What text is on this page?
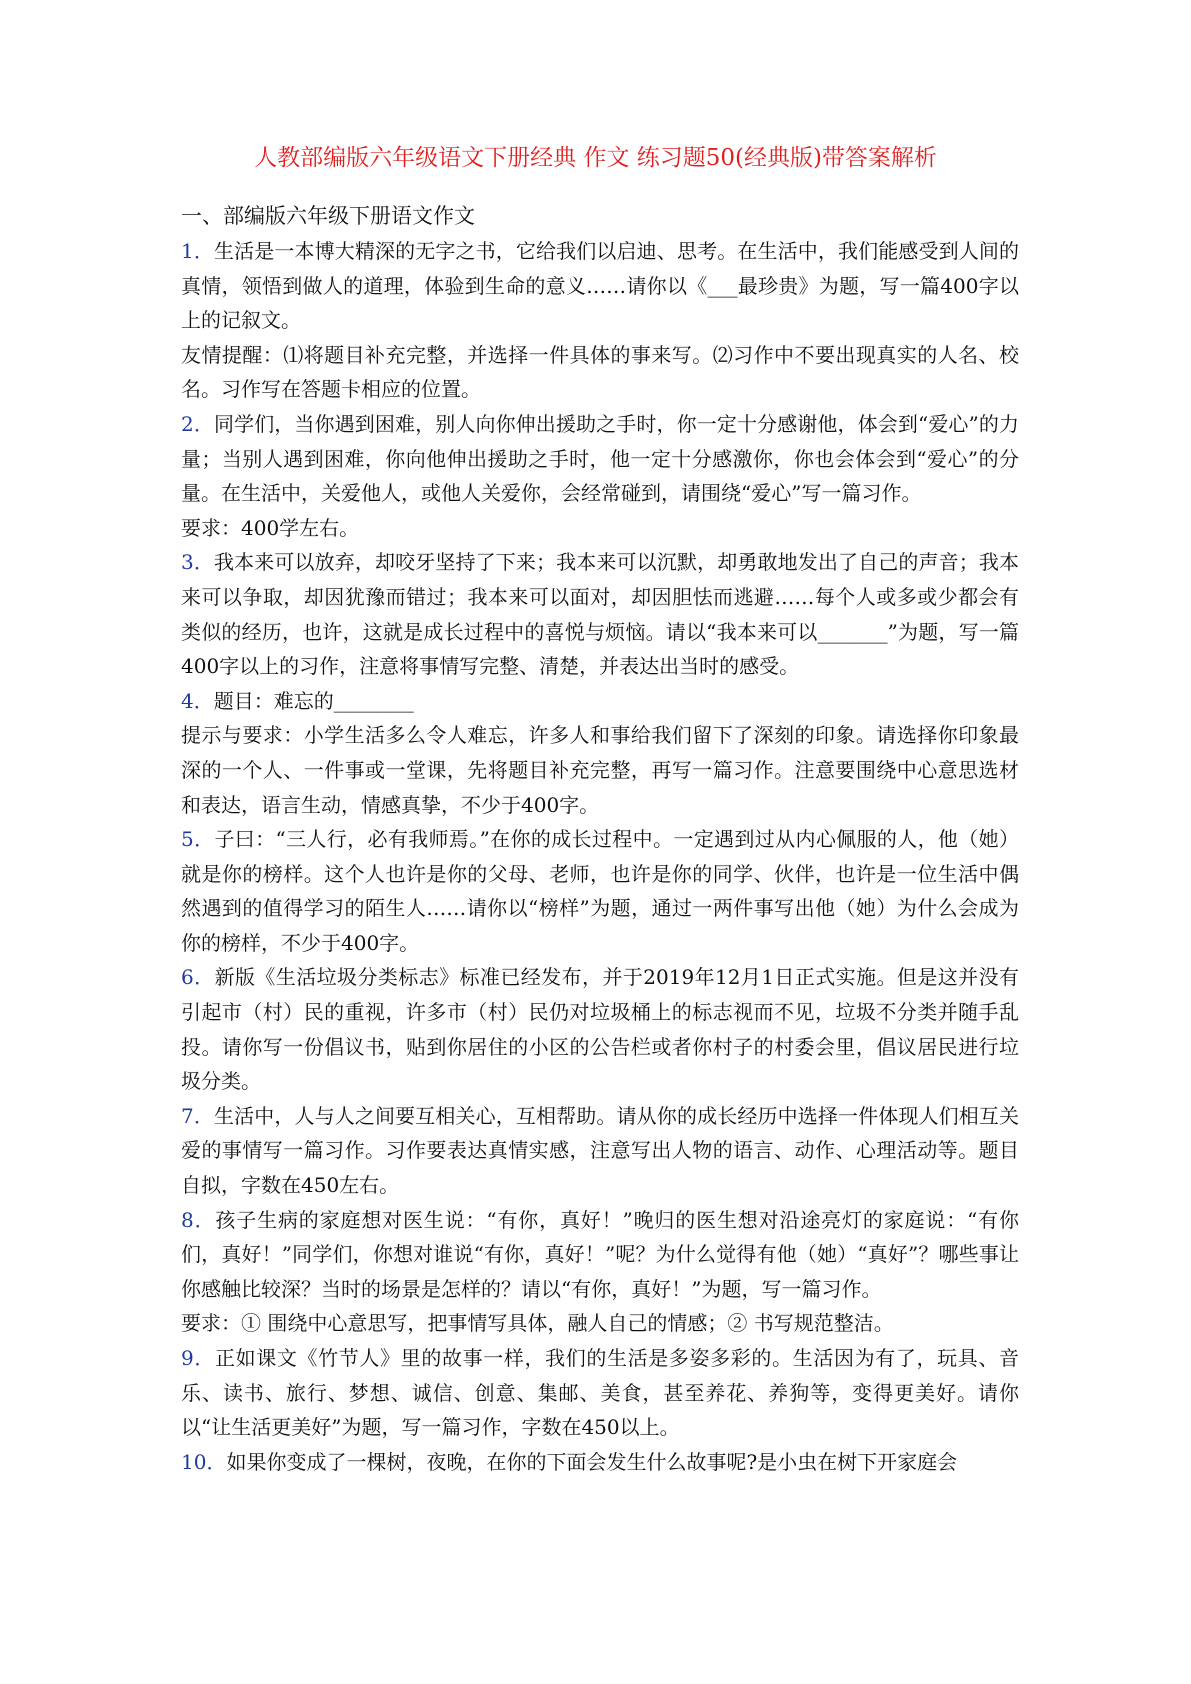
人教部编版六年级语文下册经典 作文 练习题50(经典版)带答案解析

一、部编版六年级下册语文作文

1．生活是一本博大精深的无字之书，它给我们以启迪、思考。在生活中，我们能感受到人间的真情，领悟到做人的道理，体验到生命的意义……请你以《___最珍贵》为题，写一篇400字以上的记叙文。

友情提醒：⑴将题目补充完整，并选择一件具体的事来写。⑵习作中不要出现真实的人名、校名。习作写在答题卡相应的位置。

2．同学们，当你遇到困难，别人向你伸出援助之手时，你一定十分感谢他，体会到“爱心”的力量；当别人遇到困难，你向他伸出援助之手时，他一定十分感激你，你也会体会到“爱心”的分量。在生活中，关爱他人，或他人关爱你，会经常碰到，请围绕“爱心”写一篇习作。

要求：400学左右。

3．我本来可以放弃，却咬牙坚持了下来；我本来可以沉默，却勇敢地发出了自己的声音；我本来可以争取，却因犹豫而错过；我本来可以面对，却因胆怯而逃避……每个人或多或少都会有类似的经历，也许，这就是成长过程中的喜悦与烦恼。请以“我本来可以_______”为题，写一篇400字以上的习作，注意将事情写完整、清楚，并表达出当时的感受。

4．题目：难忘的________

提示与要求：小学生活多么令人难忘，许多人和事给我们留下了深刻的印象。请选择你印象最深的一个人、一件事或一堂课，先将题目补充完整，再写一篇习作。注意要围绕中心意思选材和表达，语言生动，情感真挚，不少于400字。

5．子曰：“三人行，必有我师焉。”在你的成长过程中。一定遇到过从内心佩服的人，他（她）就是你的榜样。这个人也许是你的父母、老师，也许是你的同学、伙伴，也许是一位生活中偶然遇到的值得学习的陌生人……请你以“榜样”为题，通过一两件事写出他（她）为什么会成为你的榜样，不少于400字。

6．新版《生活垃圾分类标志》标准已经发布，并于2019年12月1日正式实施。但是这并没有引起市（村）民的重视，许多市（村）民仍对垃圾桶上的标志视而不见，垃圾不分类并随手乱投。请你写一份倡议书，贴到你居住的小区的公告栏或者你村子的村委会里，倡议居民进行垃圾分类。

7．生活中，人与人之间要互相关心，互相帮助。请从你的成长经历中选择一件体现人们相互关爱的事情写一篇习作。习作要表达真情实感，注意写出人物的语言、动作、心理活动等。题目自拟，字数在450左右。

8．孩子生病的家庭想对医生说：“有你，真好！”晚归的医生想对沿途亮灯的家庭说：“有你们，真好！”同学们，你想对谁说“有你，真好！”呢？为什么觉得有他（她）“真好”？哪些事让你感触比较深？当时的场景是怎样的？请以“有你，真好！”为题，写一篇习作。

要求：① 围绕中心意思写，把事情写具体，融人自己的情感；② 书写规范整洁。

9．正如课文《竹节人》里的故事一样，我们的生活是多姿多彩的。生活因为有了，玩具、音乐、读书、旅行、梦想、诚信、创意、集邮、美食，甚至养花、养狗等，变得更美好。请你以“让生活更美好”为题，写一篇习作，字数在450以上。

10．如果你变成了一棵树，夜晚，在你的下面会发生什么故事呢?是小虫在树下开家庭会
